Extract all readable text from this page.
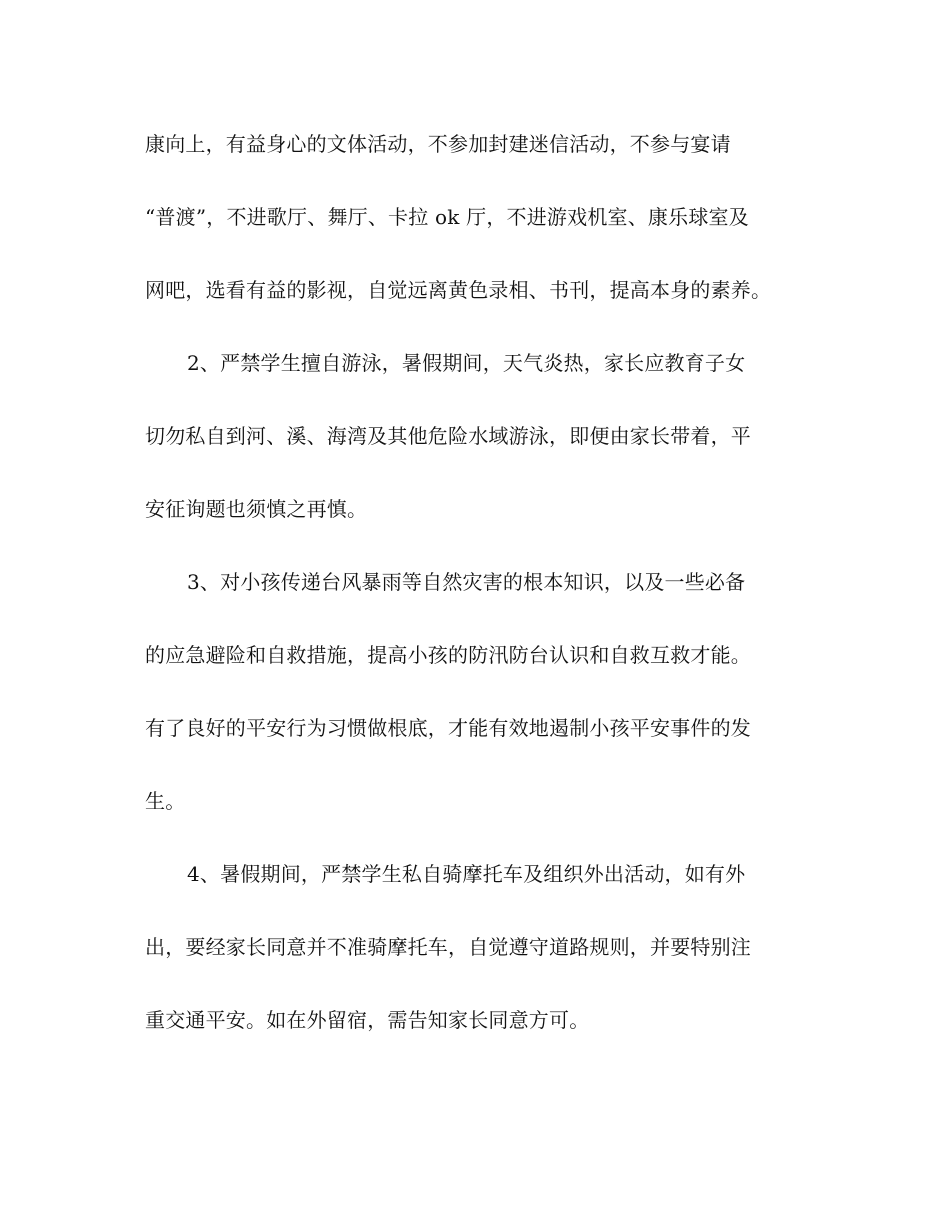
康向上，有益身心的文体活动，不参加封建迷信活动，不参与宴请
“普渡”，不进歌厅、舞厅、卡拉 ok 厅，不进游戏机室、康乐球室及
网吧，选看有益的影视，自觉远离黄色录相、书刊，提高本身的素养。
2、严禁学生擅自游泳，暑假期间，天气炎热，家长应教育子女
切勿私自到河、溪、海湾及其他危险水域游泳，即便由家长带着，平
安征询题也须慎之再慎。
3、对小孩传递台风暴雨等自然灾害的根本知识，以及一些必备
的应急避险和自救措施，提高小孩的防汛防台认识和自救互救才能。
有了良好的平安行为习惯做根底，才能有效地遏制小孩平安事件的发
生。
4、暑假期间，严禁学生私自骑摩托车及组织外出活动，如有外
出，要经家长同意并不准骑摩托车，自觉遵守道路规则，并要特别注
重交通平安。如在外留宿，需告知家长同意方可。
